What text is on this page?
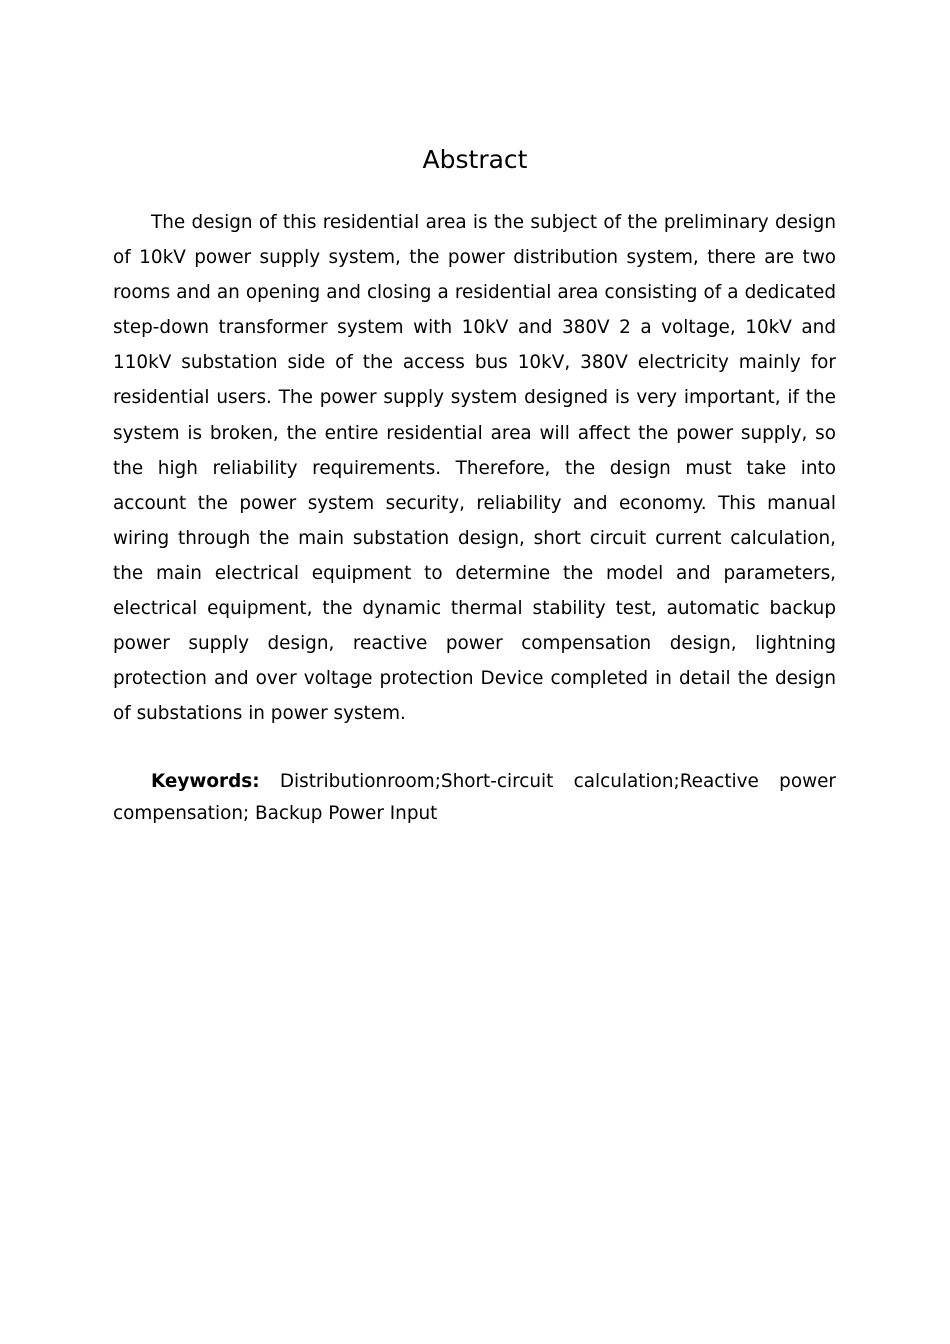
Abstract

The design of this residential area is the subject of the preliminary design of 10kV power supply system, the power distribution system, there are two rooms and an opening and closing a residential area consisting of a dedicated step-down transformer system with 10kV and 380V 2 a voltage, 10kV and 110kV substation side of the access bus 10kV, 380V electricity mainly for residential users. The power supply system designed is very important, if the system is broken, the entire residential area will affect the power supply, so the high reliability requirements. Therefore, the design must take into account the power system security, reliability and economy. This manual wiring through the main substation design, short circuit current calculation, the main electrical equipment to determine the model and parameters, electrical equipment, the dynamic thermal stability test, automatic backup power supply design, reactive power compensation design, lightning protection and over voltage protection Device completed in detail the design of substations in power system.

Keywords: Distributionroom;Short-circuit calculation;Reactive power compensation; Backup Power Input
